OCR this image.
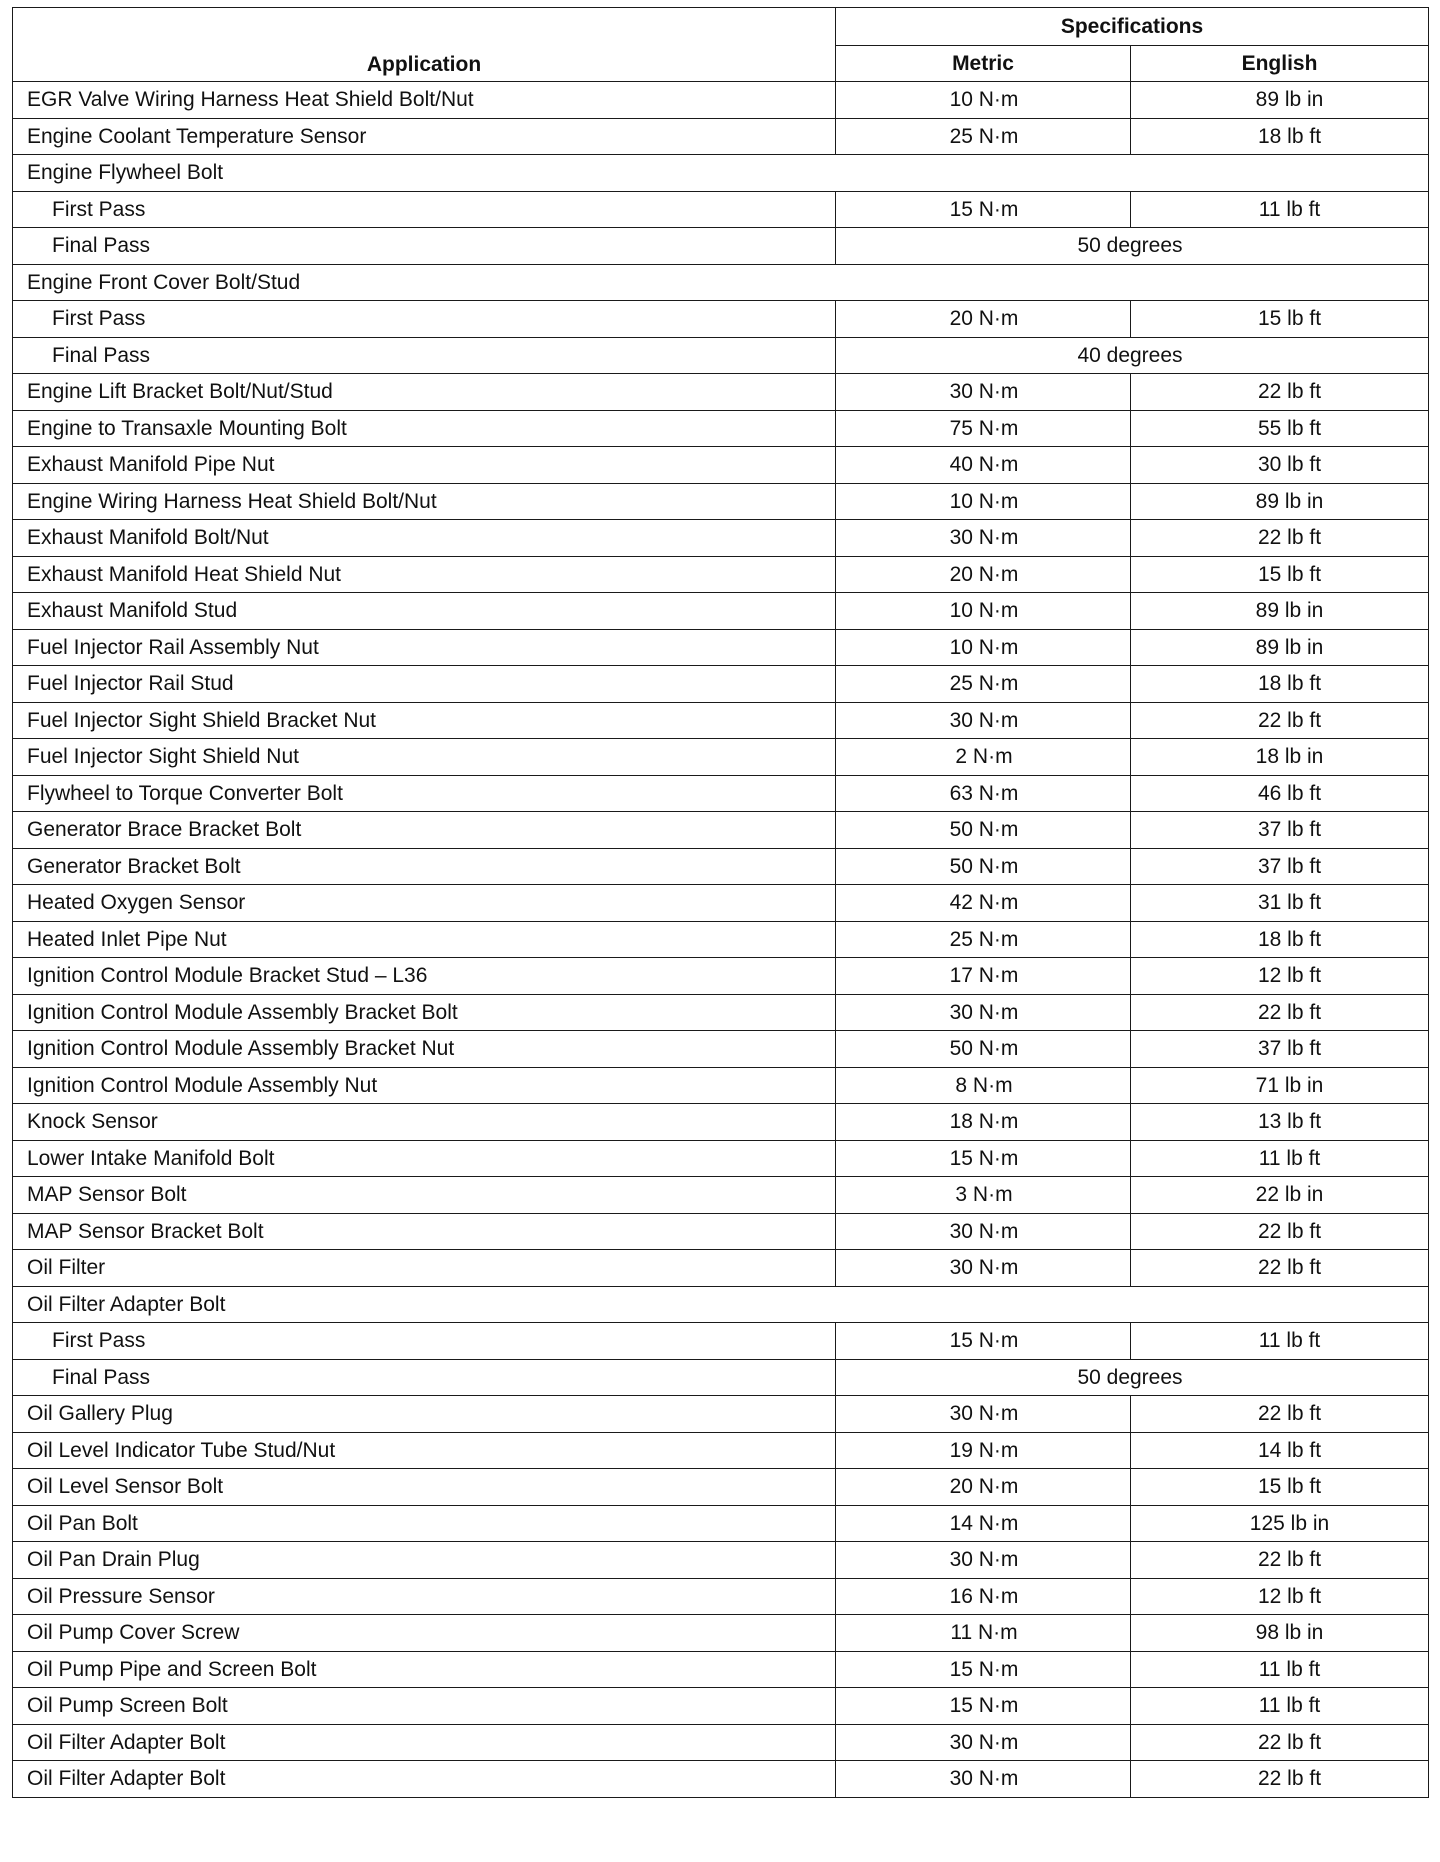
Application	Specifications	
	Metric	English
EGR Valve Wiring Harness Heat Shield Bolt/Nut	10 N·m	89 lb in
Engine Coolant Temperature Sensor	25 N·m	18 lb ft
Engine Flywheel Bolt		
First Pass	15 N·m	11 lb ft
Final Pass	50 degrees	
Engine Front Cover Bolt/Stud		
First Pass	20 N·m	15 lb ft
Final Pass	40 degrees	
Engine Lift Bracket Bolt/Nut/Stud	30 N·m	22 lb ft
Engine to Transaxle Mounting Bolt	75 N·m	55 lb ft
Exhaust Manifold Pipe Nut	40 N·m	30 lb ft
Engine Wiring Harness Heat Shield Bolt/Nut	10 N·m	89 lb in
Exhaust Manifold Bolt/Nut	30 N·m	22 lb ft
Exhaust Manifold Heat Shield Nut	20 N·m	15 lb ft
Exhaust Manifold Stud	10 N·m	89 lb in
Fuel Injector Rail Assembly Nut	10 N·m	89 lb in
Fuel Injector Rail Stud	25 N·m	18 lb ft
Fuel Injector Sight Shield Bracket Nut	30 N·m	22 lb ft
Fuel Injector Sight Shield Nut	2 N·m	18 lb in
Flywheel to Torque Converter Bolt	63 N·m	46 lb ft
Generator Brace Bracket Bolt	50 N·m	37 lb ft
Generator Bracket Bolt	50 N·m	37 lb ft
Heated Oxygen Sensor	42 N·m	31 lb ft
Heated Inlet Pipe Nut	25 N·m	18 lb ft
Ignition Control Module Bracket Stud – L36	17 N·m	12 lb ft
Ignition Control Module Assembly Bracket Bolt	30 N·m	22 lb ft
Ignition Control Module Assembly Bracket Nut	50 N·m	37 lb ft
Ignition Control Module Assembly Nut	8 N·m	71 lb in
Knock Sensor	18 N·m	13 lb ft
Lower Intake Manifold Bolt	15 N·m	11 lb ft
MAP Sensor Bolt	3 N·m	22 lb in
MAP Sensor Bracket Bolt	30 N·m	22 lb ft
Oil Filter	30 N·m	22 lb ft
Oil Filter Adapter Bolt		
First Pass	15 N·m	11 lb ft
Final Pass	50 degrees	
Oil Gallery Plug	30 N·m	22 lb ft
Oil Level Indicator Tube Stud/Nut	19 N·m	14 lb ft
Oil Level Sensor Bolt	20 N·m	15 lb ft
Oil Pan Bolt	14 N·m	125 lb in
Oil Pan Drain Plug	30 N·m	22 lb ft
Oil Pressure Sensor	16 N·m	12 lb ft
Oil Pump Cover Screw	11 N·m	98 lb in
Oil Pump Pipe and Screen Bolt	15 N·m	11 lb ft
Oil Pump Screen Bolt	15 N·m	11 lb ft
Oil Filter Adapter Bolt	30 N·m	22 lb ft
Oil Filter Adapter Bolt	30 N·m	22 lb ft
